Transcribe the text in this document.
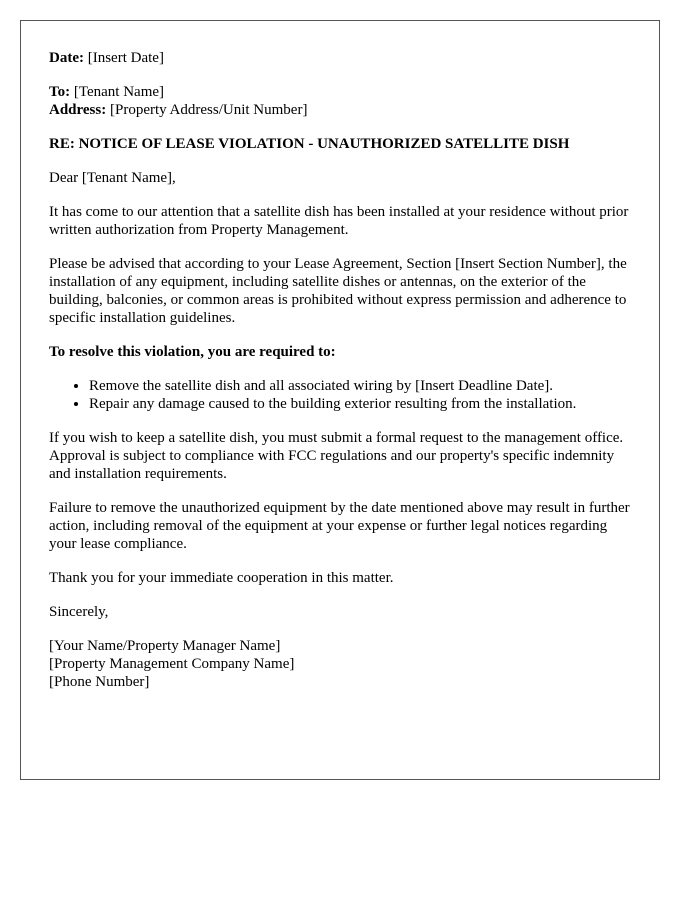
Date: [Insert Date]
To: [Tenant Name]
Address: [Property Address/Unit Number]
RE: NOTICE OF LEASE VIOLATION - UNAUTHORIZED SATELLITE DISH
Dear [Tenant Name],
It has come to our attention that a satellite dish has been installed at your residence without prior written authorization from Property Management.
Please be advised that according to your Lease Agreement, Section [Insert Section Number], the installation of any equipment, including satellite dishes or antennas, on the exterior of the building, balconies, or common areas is prohibited without express permission and adherence to specific installation guidelines.
To resolve this violation, you are required to:
• Remove the satellite dish and all associated wiring by [Insert Deadline Date].
• Repair any damage caused to the building exterior resulting from the installation.
If you wish to keep a satellite dish, you must submit a formal request to the management office. Approval is subject to compliance with FCC regulations and our property's specific indemnity and installation requirements.
Failure to remove the unauthorized equipment by the date mentioned above may result in further action, including removal of the equipment at your expense or further legal notices regarding your lease compliance.
Thank you for your immediate cooperation in this matter.
Sincerely,
[Your Name/Property Manager Name]
[Property Management Company Name]
[Phone Number]
